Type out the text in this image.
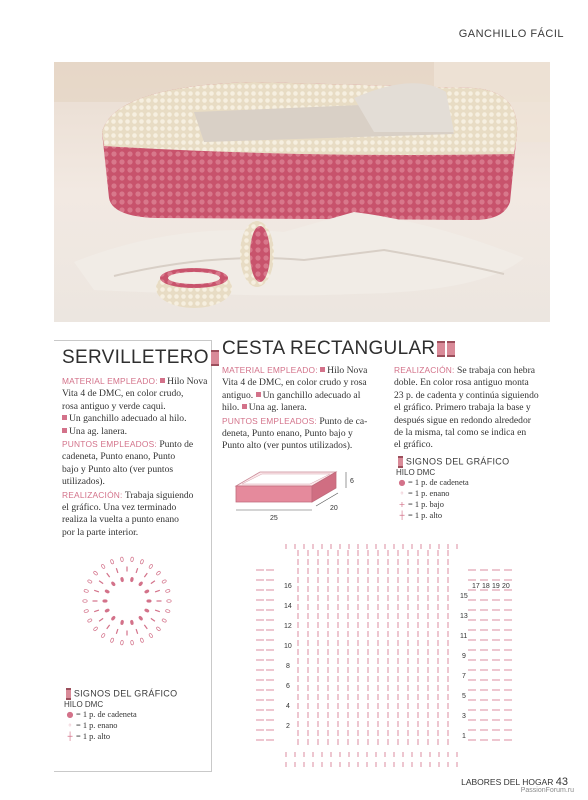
GANCHILLO FÁCIL
SERVILLETERO
MATERIAL EMPLEADO: Hilo Nova
Vita 4 de DMC, en color crudo,
rosa antiguo y verde caqui.
Un ganchillo adecuado al hilo.
Una ag. lanera.
PUNTOS EMPLEADOS: Punto de
cadeneta, Punto enano, Punto
bajo y Punto alto (ver puntos
utilizados).
REALIZACIÓN: Trabaja siguiendo
el gráfico. Una vez terminado
realiza la vuelta a punto enano
por la parte interior.
SIGNOS DEL GRÁFICO
HILO DMC
● = 1 p. de cadeneta
◦ = 1 p. enano
┼ = 1 p. alto
CESTA RECTANGULAR
MATERIAL EMPLEADO: Hilo Nova
Vita 4 de DMC, en color crudo y rosa
antiguo. Un ganchillo adecuado al
hilo. Una ag. lanera.
PUNTOS EMPLEADOS: Punto de ca-
deneta, Punto enano, Punto bajo y
Punto alto (ver puntos utilizados).
REALIZACIÓN: Se trabaja con hebra
doble. En color rosa antiguo monta
23 p. de cadenta y continúa siguiendo
el gráfico. Primero trabaja la base y
después sigue en redondo alrededor
de la misma, tal como se indica en
el gráfico.
SIGNOS DEL GRÁFICO
HILO DMC
● = 1 p. de cadeneta
◦ = 1 p. enano
+ = 1 p. bajo
┼ = 1 p. alto
25
20
6
16
14
12
10
8
6
4
2
15
13
11
9
7
5
3
1
17 18 19 20
LABORES DEL HOGAR 43
PassionForum.ru
